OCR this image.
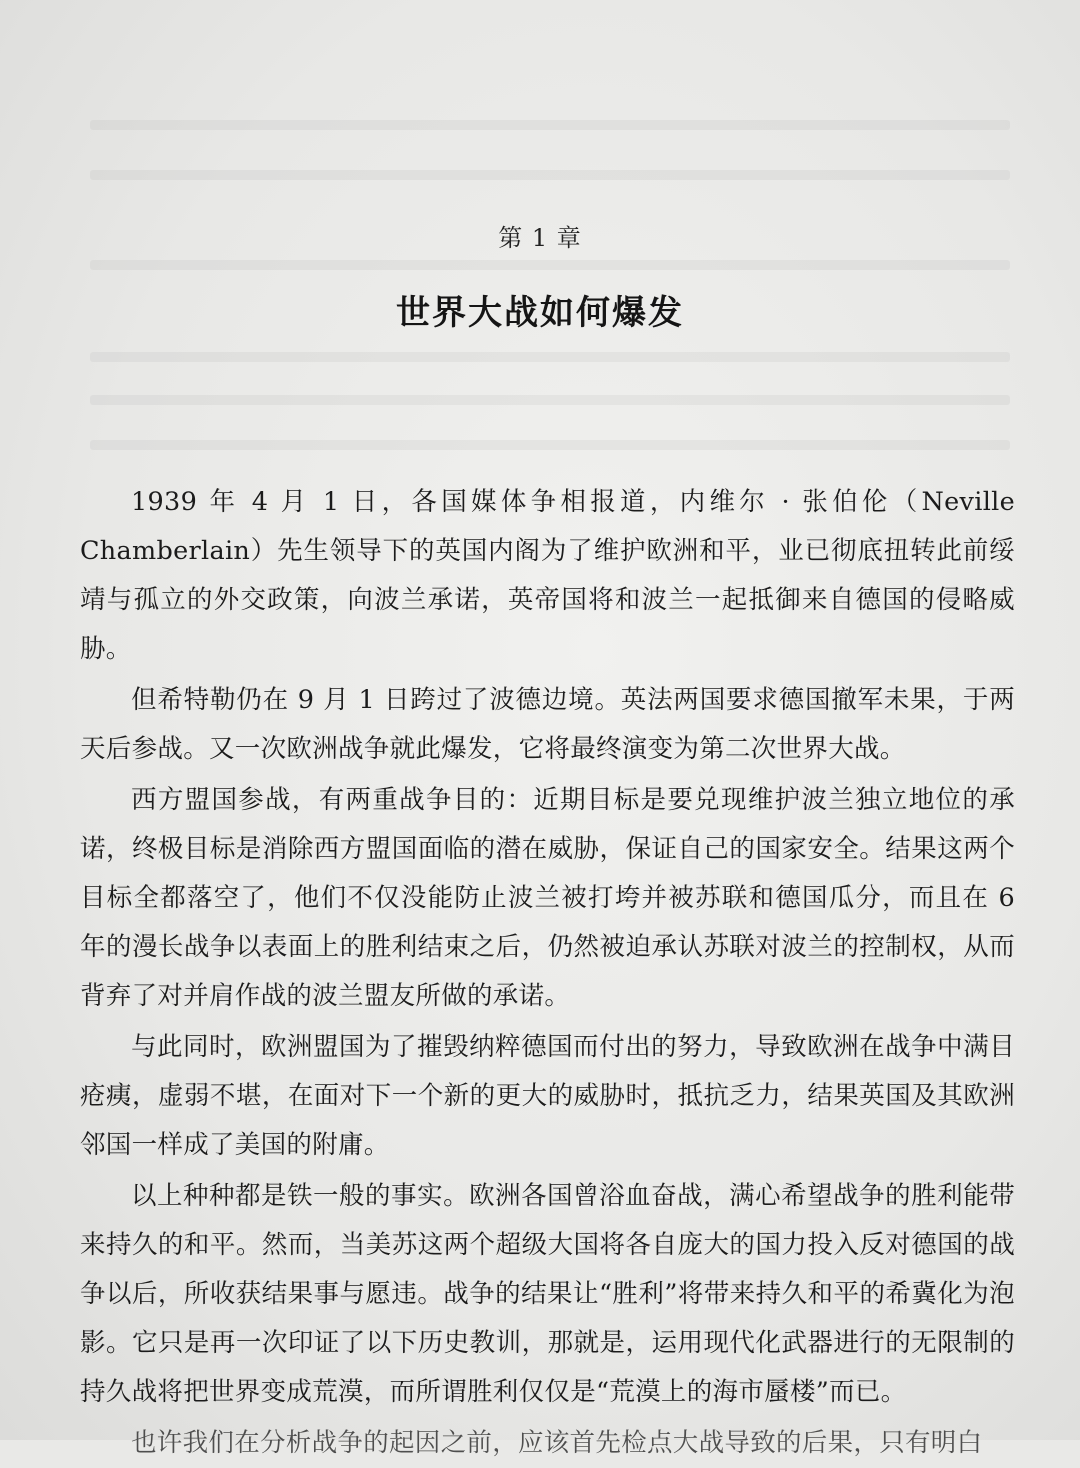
第 1 章
世界大战如何爆发

1939 年 4 月 1 日，各国媒体争相报道，内维尔 · 张伯伦（Neville Chamberlain）先生领导下的英国内阁为了维护欧洲和平，业已彻底扭转此前绥靖与孤立的外交政策，向波兰承诺，英帝国将和波兰一起抵御来自德国的侵略威胁。

但希特勒仍在 9 月 1 日跨过了波德边境。英法两国要求德国撤军未果，于两天后参战。又一次欧洲战争就此爆发，它将最终演变为第二次世界大战。

西方盟国参战，有两重战争目的：近期目标是要兑现维护波兰独立地位的承诺，终极目标是消除西方盟国面临的潜在威胁，保证自己的国家安全。结果这两个目标全都落空了，他们不仅没能防止波兰被打垮并被苏联和德国瓜分，而且在 6 年的漫长战争以表面上的胜利结束之后，仍然被迫承认苏联对波兰的控制权，从而背弃了对并肩作战的波兰盟友所做的承诺。

与此同时，欧洲盟国为了摧毁纳粹德国而付出的努力，导致欧洲在战争中满目疮痍，虚弱不堪，在面对下一个新的更大的威胁时，抵抗乏力，结果英国及其欧洲邻国一样成了美国的附庸。

以上种种都是铁一般的事实。欧洲各国曾浴血奋战，满心希望战争的胜利能带来持久的和平。然而，当美苏这两个超级大国将各自庞大的国力投入反对德国的战争以后，所收获结果事与愿违。战争的结果让“胜利”将带来持久和平的希冀化为泡影。它只是再一次印证了以下历史教训，那就是，运用现代化武器进行的无限制的持久战将把世界变成荒漠，而所谓胜利仅仅是“荒漠上的海市蜃楼”而已。

也许我们在分析战争的起因之前，应该首先检点大战导致的后果，只有明白
